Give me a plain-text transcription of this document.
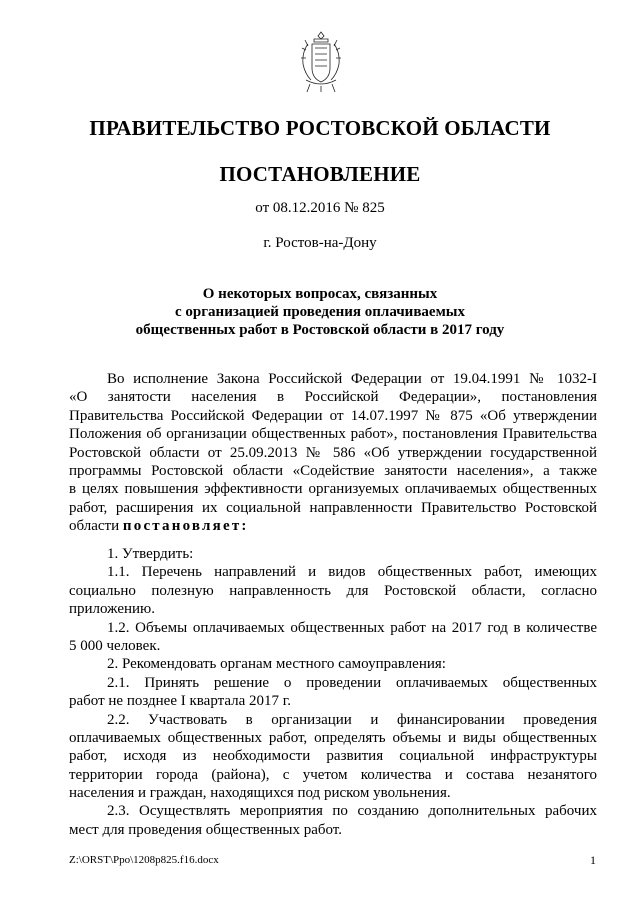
ПРАВИТЕЛЬСТВО РОСТОВСКОЙ ОБЛАСТИ
ПОСТАНОВЛЕНИЕ
от 08.12.2016 № 825
г. Ростов-на-Дону
О некоторых вопросах, связанных
с организацией проведения оплачиваемых
общественных работ в Ростовской области в 2017 году
Во исполнение Закона Российской Федерации от 19.04.1991 № 1032-I
«О занятости населения в Российской Федерации», постановления
Правительства Российской Федерации от 14.07.1997 № 875 «Об утверждении
Положения об организации общественных работ», постановления Правительства
Ростовской области от 25.09.2013 № 586 «Об утверждении государственной
программы Ростовской области «Содействие занятости населения», а также
в целях повышения эффективности организуемых оплачиваемых общественных
работ, расширения их социальной направленности Правительство Ростовской
области постановляет:
1. Утвердить:
1.1. Перечень направлений и видов общественных работ, имеющих
социально полезную направленность для Ростовской области, согласно
приложению.
1.2. Объемы оплачиваемых общественных работ на 2017 год в количестве
5 000 человек.
2. Рекомендовать органам местного самоуправления:
2.1. Принять решение о проведении оплачиваемых общественных
работ не позднее I квартала 2017 г.
2.2. Участвовать в организации и финансировании проведения
оплачиваемых общественных работ, определять объемы и виды общественных
работ, исходя из необходимости развития социальной инфраструктуры
территории города (района), с учетом количества и состава незанятого
населения и граждан, находящихся под риском увольнения.
2.3. Осуществлять мероприятия по созданию дополнительных рабочих
мест для проведения общественных работ.
Z:\ORST\Ppo\1208p825.f16.docx	1
